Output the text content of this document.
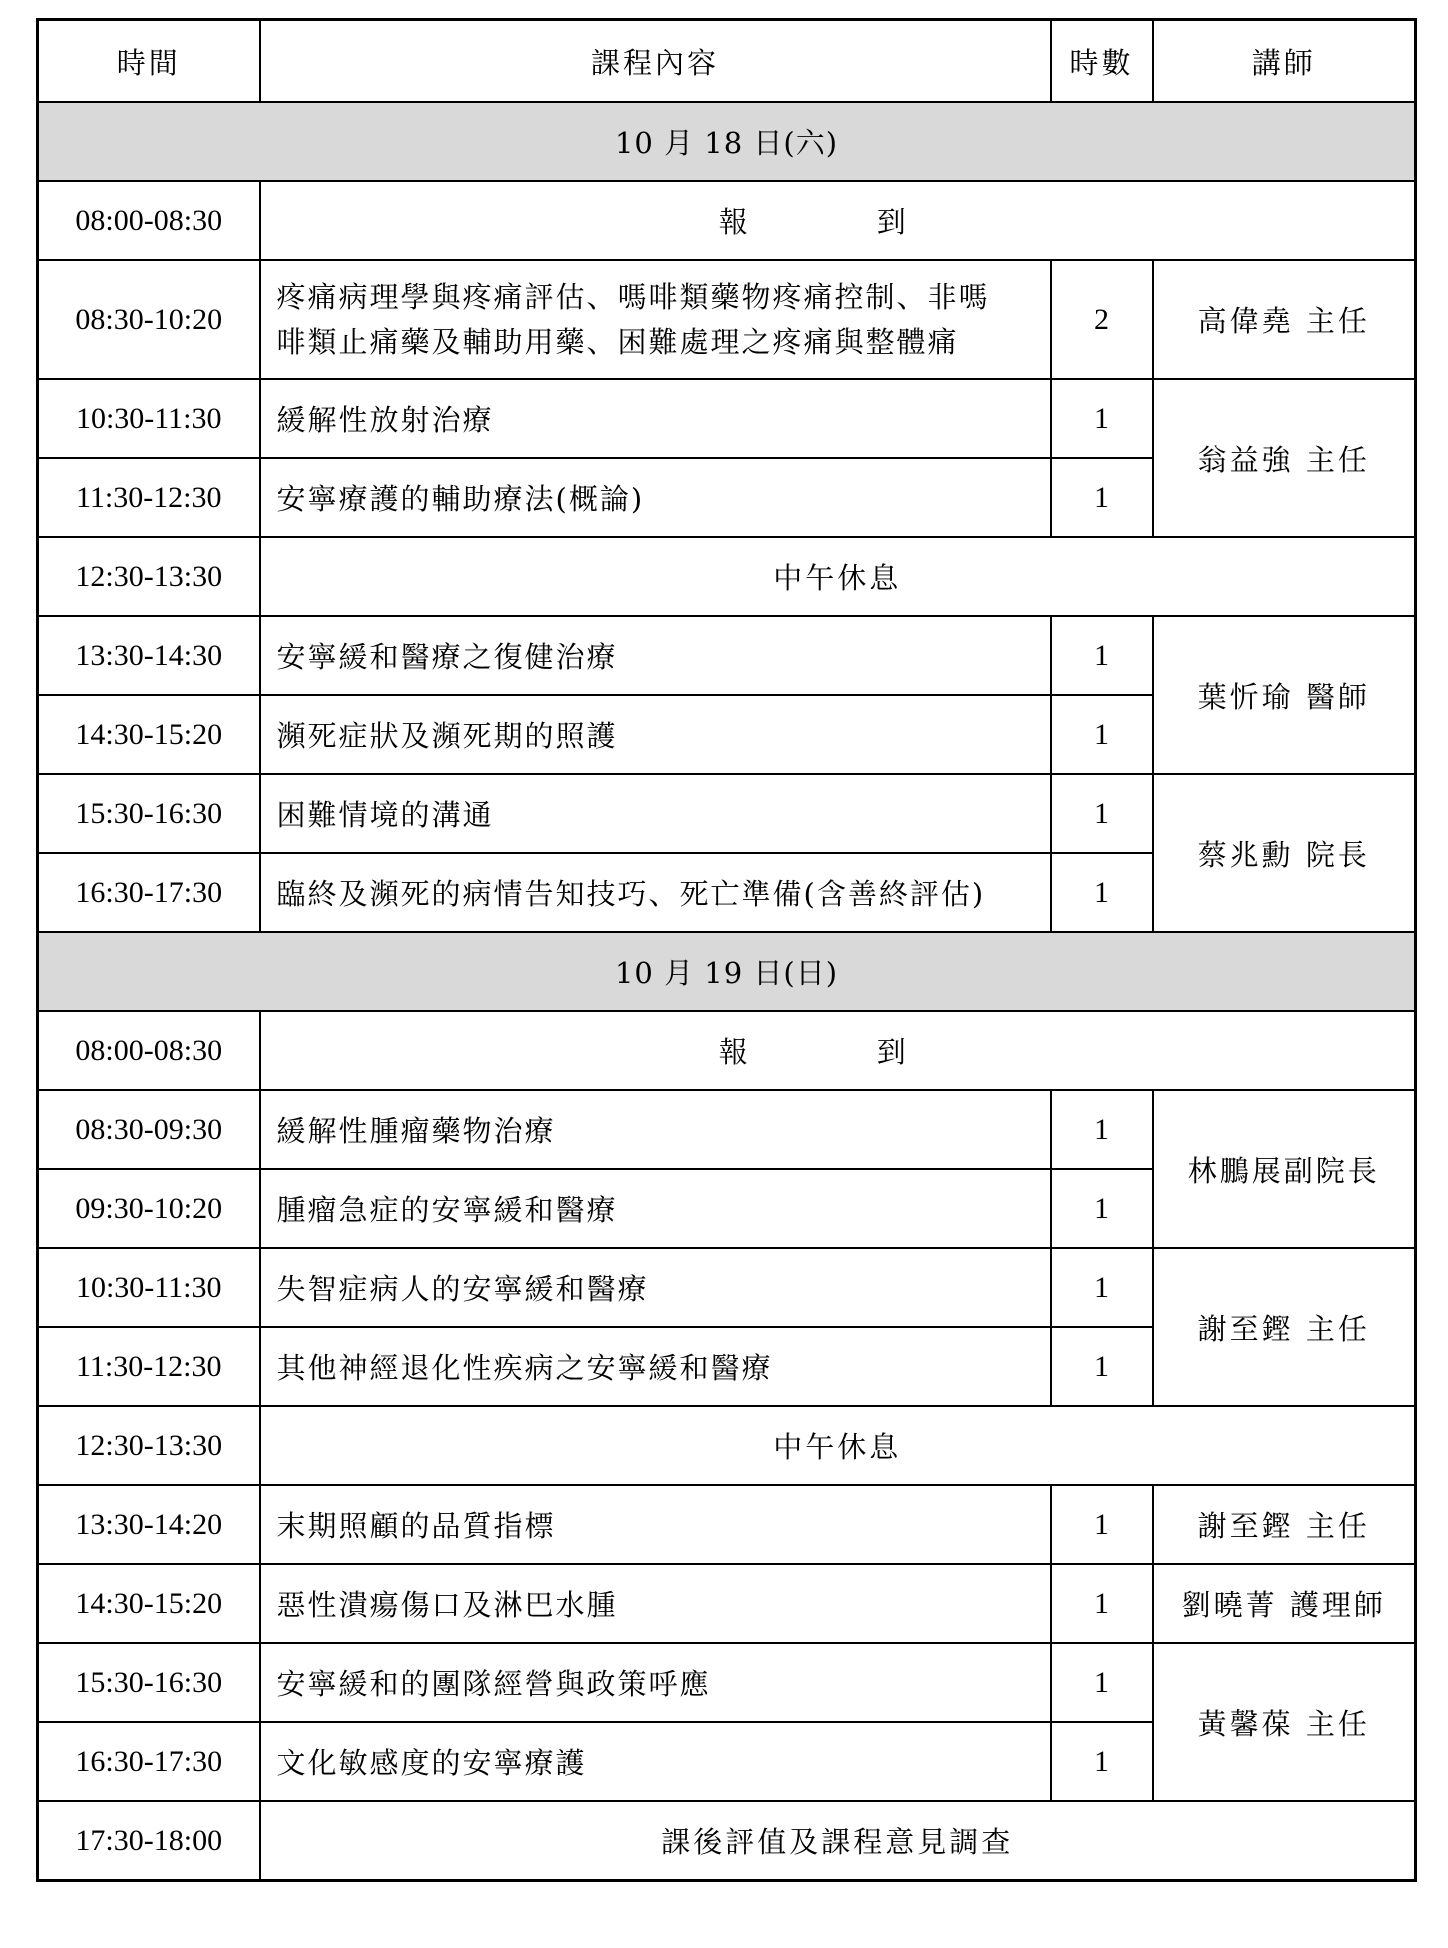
時間	課程內容	時數	講師
10 月 18 日(六)			
08:00-08:30	報　到		
08:30-10:20	疼痛病理學與疼痛評估、嗎啡類藥物疼痛控制、非嗎
啡類止痛藥及輔助用藥、困難處理之疼痛與整體痛	2	高偉堯 主任
10:30-11:30	緩解性放射治療	1	翁益強 主任
11:30-12:30	安寧療護的輔助療法(概論)	1	
12:30-13:30	中午休息		
13:30-14:30	安寧緩和醫療之復健治療	1	葉忻瑜 醫師
14:30-15:20	瀕死症狀及瀕死期的照護	1	
15:30-16:30	困難情境的溝通	1	蔡兆勳 院長
16:30-17:30	臨終及瀕死的病情告知技巧、死亡準備(含善終評估)	1	
10 月 19 日(日)			
08:00-08:30	報　到		
08:30-09:30	緩解性腫瘤藥物治療	1	林鵬展副院長
09:30-10:20	腫瘤急症的安寧緩和醫療	1	
10:30-11:30	失智症病人的安寧緩和醫療	1	謝至鏗 主任
11:30-12:30	其他神經退化性疾病之安寧緩和醫療	1	
12:30-13:30	中午休息		
13:30-14:20	末期照顧的品質指標	1	謝至鏗 主任
14:30-15:20	惡性潰瘍傷口及淋巴水腫	1	劉曉菁 護理師
15:30-16:30	安寧緩和的團隊經營與政策呼應	1	黃馨葆 主任
16:30-17:30	文化敏感度的安寧療護	1	
17:30-18:00	課後評值及課程意見調查		
